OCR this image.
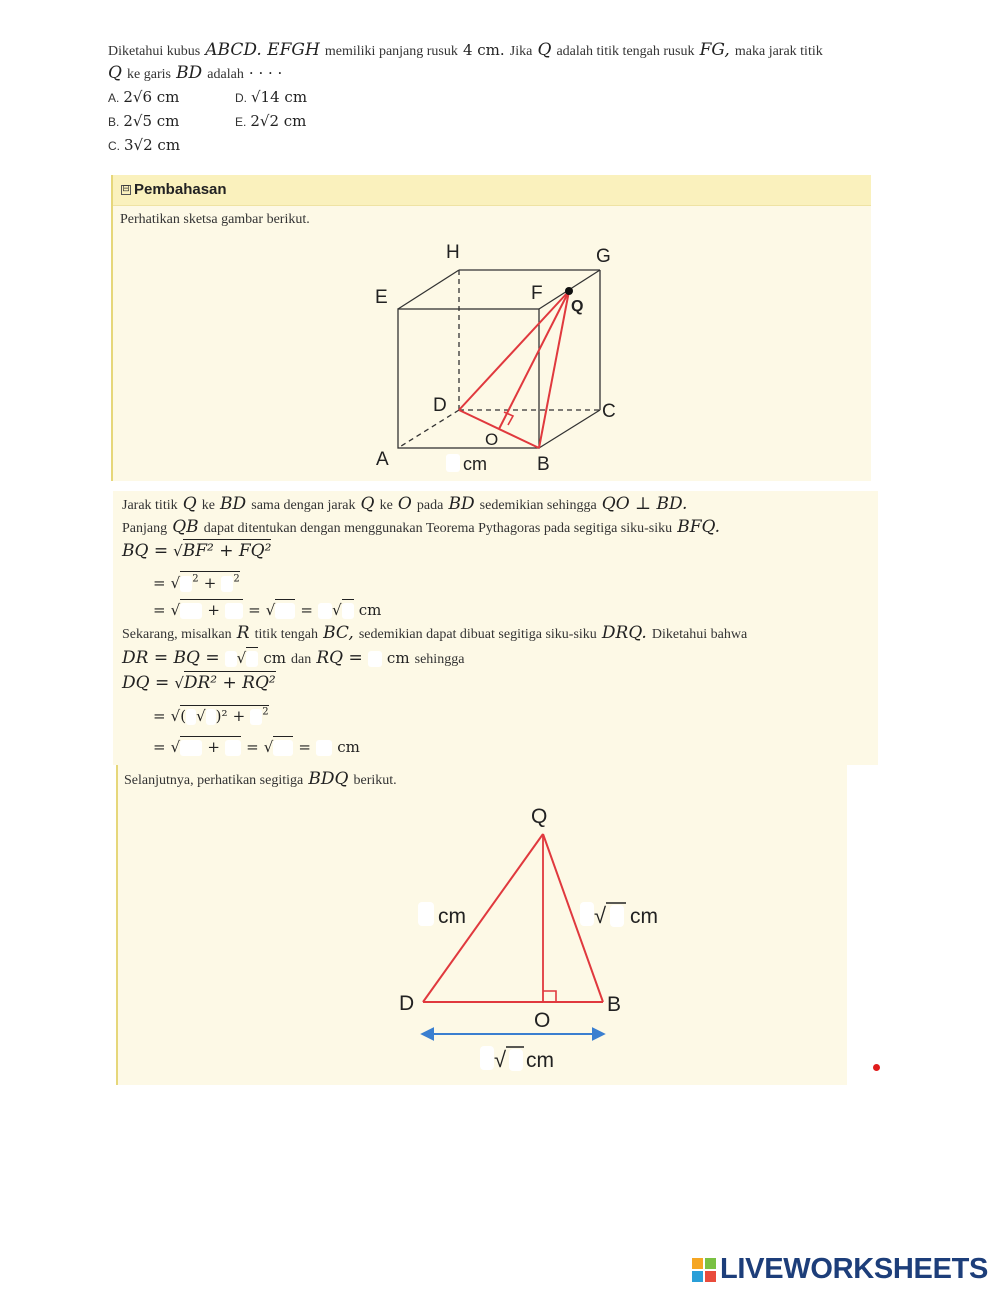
Diketahui kubus ABCD. EFGH memiliki panjang rusuk 4 cm. Jika Q adalah titik tengah rusuk FG, maka jarak titik
Q ke garis BD adalah · · · ·
A. 2√6 cm	D. √14 cm
B. 2√5 cm	E. 2√2 cm
C. 3√2 cm
⊟ Pembahasan
Perhatikan sketsa gambar berikut.
H	G
E	F
Q
D	C
O
A	B
cm
Jarak titik Q ke BD sama dengan jarak Q ke O pada BD sedemikian sehingga QO ⊥ BD.
Panjang QB dapat ditentukan dengan menggunakan Teorema Pythagoras pada segitiga siku-siku BFQ.
BQ = √BF² + FQ²
= √ $^2$ + $^2$
= √ + = √ = √ cm
Sekarang, misalkan R titik tengah BC, sedemikian dapat dibuat segitiga siku-siku DRQ. Diketahui bahwa
DR = BQ = √ cm dan RQ = cm sehingga
DQ = √DR² + RQ²
= √( √ )² + $^2$
= √ + = √ = cm
Selanjutnya, perhatikan segitiga BDQ berikut.
Q
D
O
B
cm	√ cm
√ cm
LIVEWORKSHEETS
